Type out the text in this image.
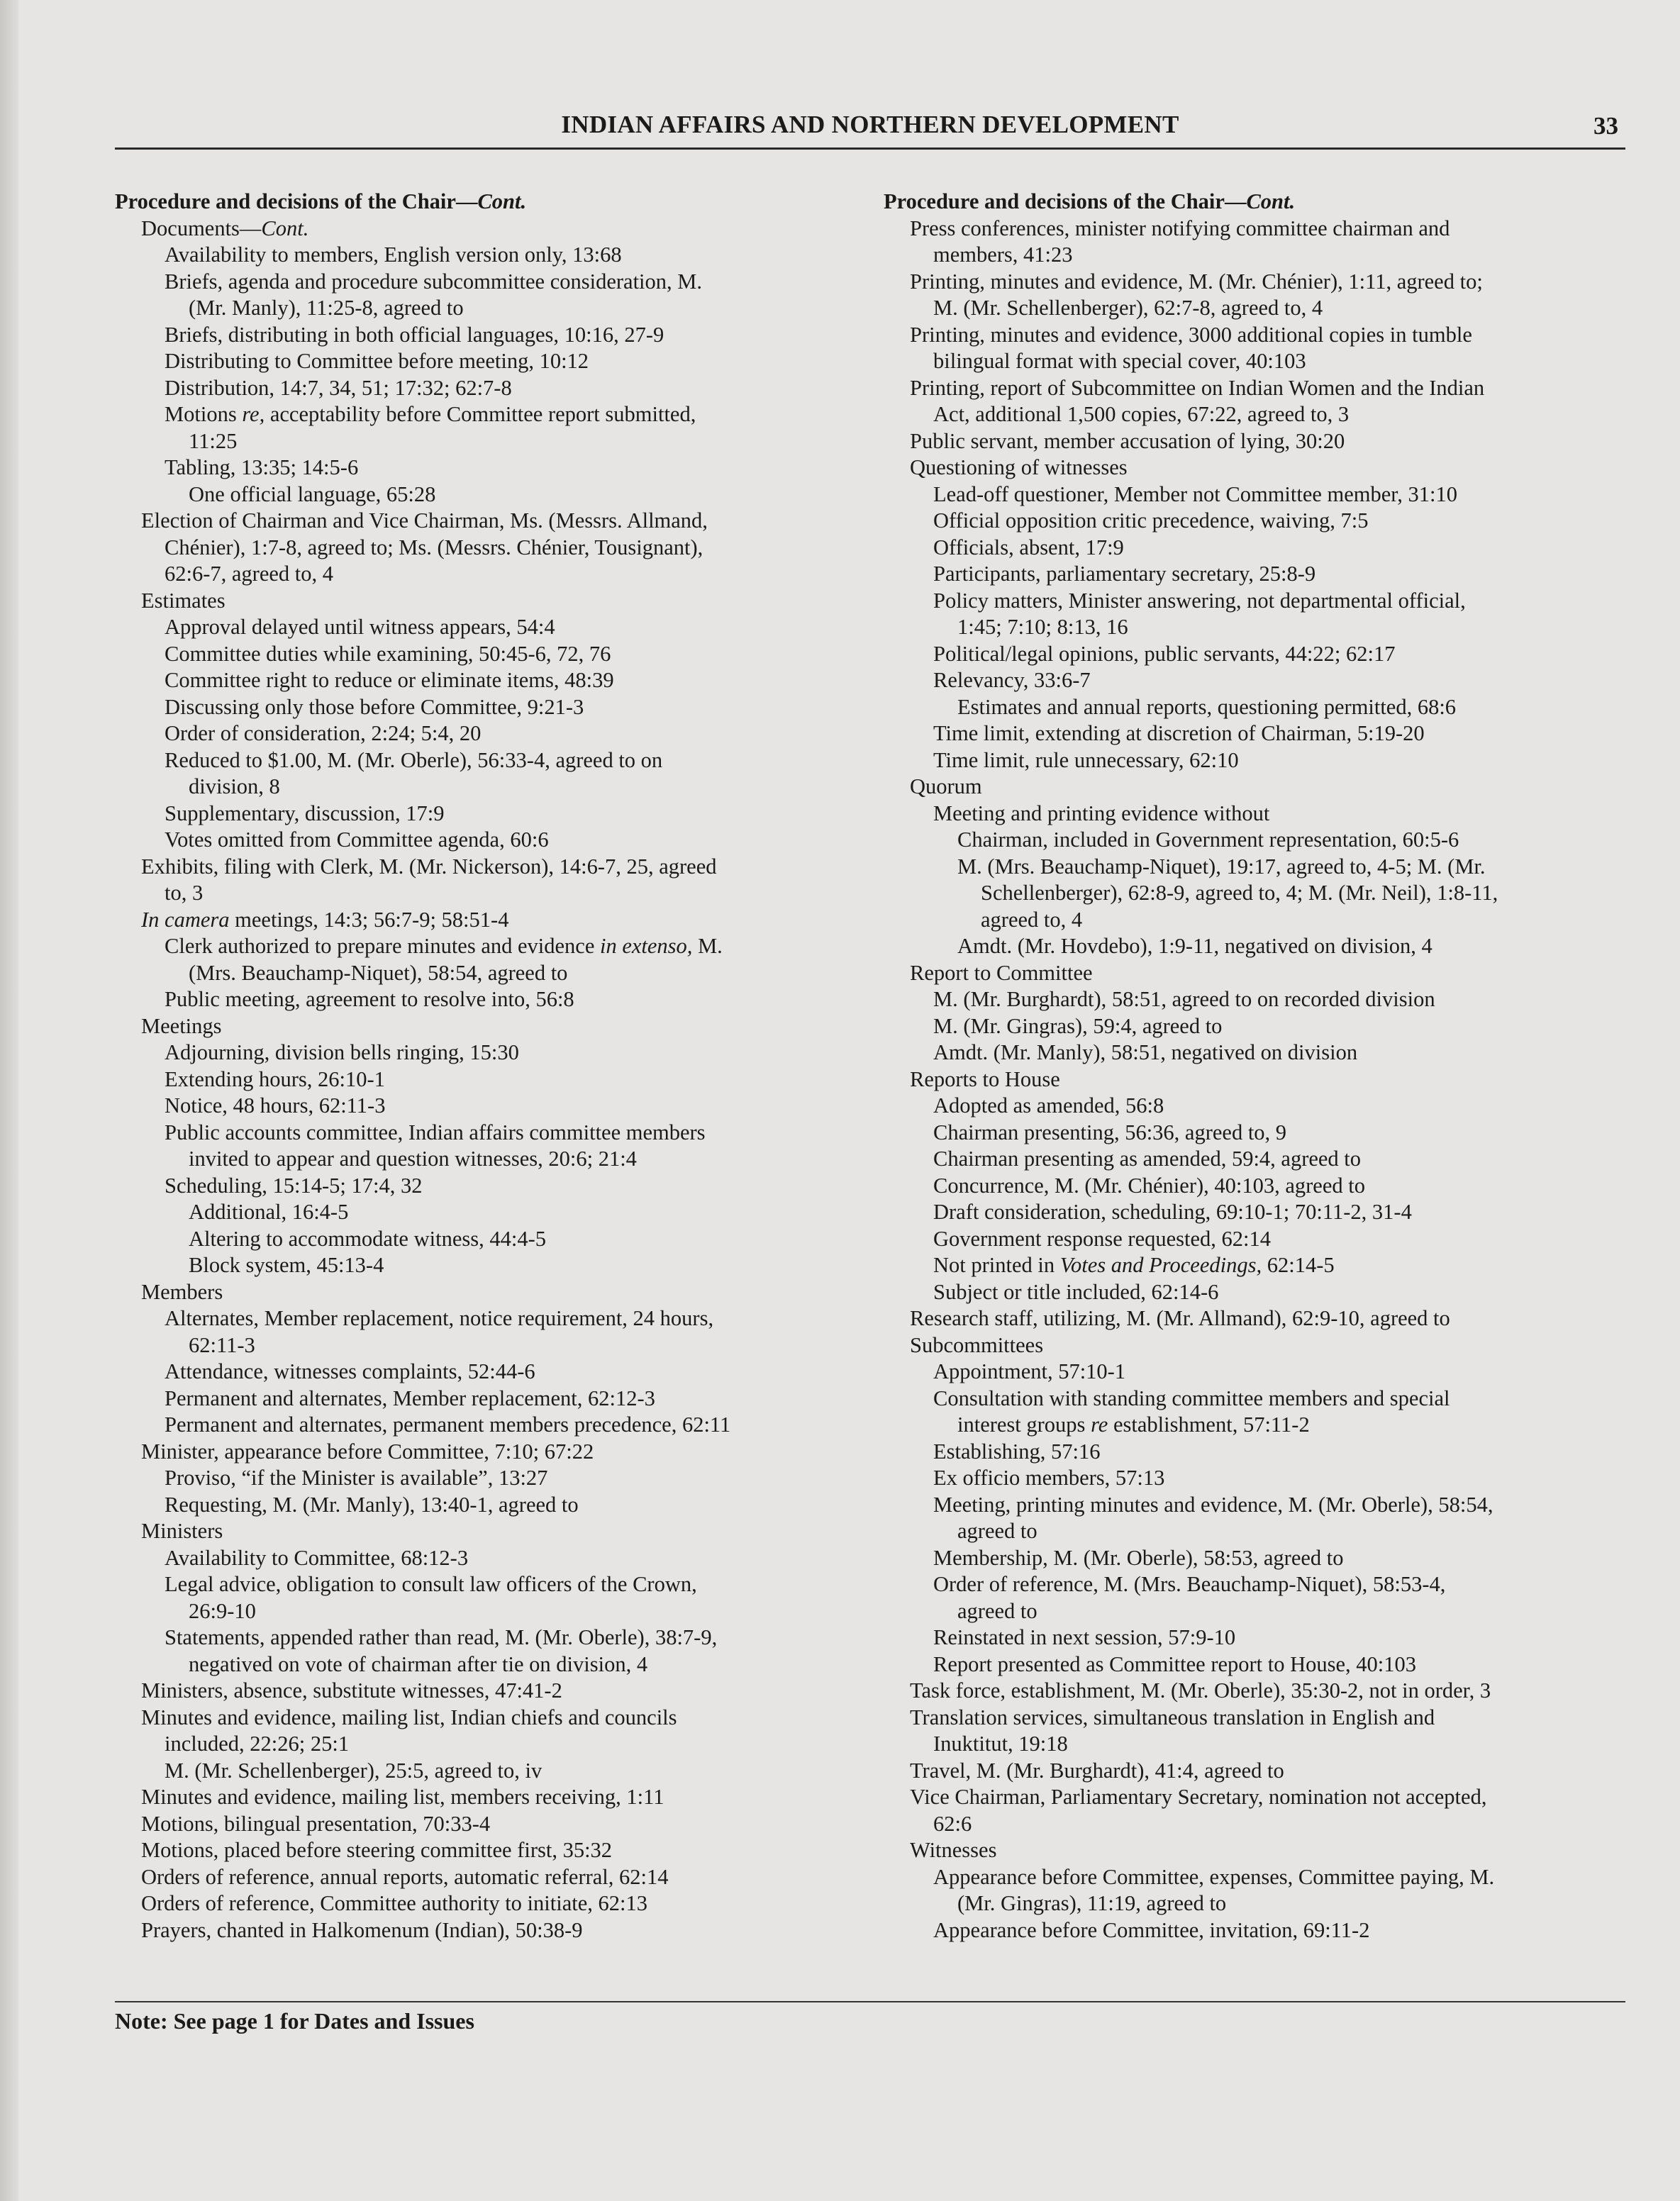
INDIAN AFFAIRS AND NORTHERN DEVELOPMENT	33
Procedure and decisions of the Chair—Cont.
Documents—Cont.
Availability to members, English version only, 13:68
Briefs, agenda and procedure subcommittee consideration, M.
(Mr. Manly), 11:25-8, agreed to
Briefs, distributing in both official languages, 10:16, 27-9
Distributing to Committee before meeting, 10:12
Distribution, 14:7, 34, 51; 17:32; 62:7-8
Motions re, acceptability before Committee report submitted,
11:25
Tabling, 13:35; 14:5-6
One official language, 65:28
Election of Chairman and Vice Chairman, Ms. (Messrs. Allmand,
Chénier), 1:7-8, agreed to; Ms. (Messrs. Chénier, Tousignant),
62:6-7, agreed to, 4
Estimates
Approval delayed until witness appears, 54:4
Committee duties while examining, 50:45-6, 72, 76
Committee right to reduce or eliminate items, 48:39
Discussing only those before Committee, 9:21-3
Order of consideration, 2:24; 5:4, 20
Reduced to $1.00, M. (Mr. Oberle), 56:33-4, agreed to on
division, 8
Supplementary, discussion, 17:9
Votes omitted from Committee agenda, 60:6
Exhibits, filing with Clerk, M. (Mr. Nickerson), 14:6-7, 25, agreed
to, 3
In camera meetings, 14:3; 56:7-9; 58:51-4
Clerk authorized to prepare minutes and evidence in extenso, M.
(Mrs. Beauchamp-Niquet), 58:54, agreed to
Public meeting, agreement to resolve into, 56:8
Meetings
Adjourning, division bells ringing, 15:30
Extending hours, 26:10-1
Notice, 48 hours, 62:11-3
Public accounts committee, Indian affairs committee members
invited to appear and question witnesses, 20:6; 21:4
Scheduling, 15:14-5; 17:4, 32
Additional, 16:4-5
Altering to accommodate witness, 44:4-5
Block system, 45:13-4
Members
Alternates, Member replacement, notice requirement, 24 hours,
62:11-3
Attendance, witnesses complaints, 52:44-6
Permanent and alternates, Member replacement, 62:12-3
Permanent and alternates, permanent members precedence, 62:11
Minister, appearance before Committee, 7:10; 67:22
Proviso, “if the Minister is available”, 13:27
Requesting, M. (Mr. Manly), 13:40-1, agreed to
Ministers
Availability to Committee, 68:12-3
Legal advice, obligation to consult law officers of the Crown,
26:9-10
Statements, appended rather than read, M. (Mr. Oberle), 38:7-9,
negatived on vote of chairman after tie on division, 4
Ministers, absence, substitute witnesses, 47:41-2
Minutes and evidence, mailing list, Indian chiefs and councils
included, 22:26; 25:1
M. (Mr. Schellenberger), 25:5, agreed to, iv
Minutes and evidence, mailing list, members receiving, 1:11
Motions, bilingual presentation, 70:33-4
Motions, placed before steering committee first, 35:32
Orders of reference, annual reports, automatic referral, 62:14
Orders of reference, Committee authority to initiate, 62:13
Prayers, chanted in Halkomenum (Indian), 50:38-9
Procedure and decisions of the Chair—Cont.
Press conferences, minister notifying committee chairman and
members, 41:23
Printing, minutes and evidence, M. (Mr. Chénier), 1:11, agreed to;
M. (Mr. Schellenberger), 62:7-8, agreed to, 4
Printing, minutes and evidence, 3000 additional copies in tumble
bilingual format with special cover, 40:103
Printing, report of Subcommittee on Indian Women and the Indian
Act, additional 1,500 copies, 67:22, agreed to, 3
Public servant, member accusation of lying, 30:20
Questioning of witnesses
Lead-off questioner, Member not Committee member, 31:10
Official opposition critic precedence, waiving, 7:5
Officials, absent, 17:9
Participants, parliamentary secretary, 25:8-9
Policy matters, Minister answering, not departmental official,
1:45; 7:10; 8:13, 16
Political/legal opinions, public servants, 44:22; 62:17
Relevancy, 33:6-7
Estimates and annual reports, questioning permitted, 68:6
Time limit, extending at discretion of Chairman, 5:19-20
Time limit, rule unnecessary, 62:10
Quorum
Meeting and printing evidence without
Chairman, included in Government representation, 60:5-6
M. (Mrs. Beauchamp-Niquet), 19:17, agreed to, 4-5; M. (Mr.
Schellenberger), 62:8-9, agreed to, 4; M. (Mr. Neil), 1:8-11,
agreed to, 4
Amdt. (Mr. Hovdebo), 1:9-11, negatived on division, 4
Report to Committee
M. (Mr. Burghardt), 58:51, agreed to on recorded division
M. (Mr. Gingras), 59:4, agreed to
Amdt. (Mr. Manly), 58:51, negatived on division
Reports to House
Adopted as amended, 56:8
Chairman presenting, 56:36, agreed to, 9
Chairman presenting as amended, 59:4, agreed to
Concurrence, M. (Mr. Chénier), 40:103, agreed to
Draft consideration, scheduling, 69:10-1; 70:11-2, 31-4
Government response requested, 62:14
Not printed in Votes and Proceedings, 62:14-5
Subject or title included, 62:14-6
Research staff, utilizing, M. (Mr. Allmand), 62:9-10, agreed to
Subcommittees
Appointment, 57:10-1
Consultation with standing committee members and special
interest groups re establishment, 57:11-2
Establishing, 57:16
Ex officio members, 57:13
Meeting, printing minutes and evidence, M. (Mr. Oberle), 58:54,
agreed to
Membership, M. (Mr. Oberle), 58:53, agreed to
Order of reference, M. (Mrs. Beauchamp-Niquet), 58:53-4,
agreed to
Reinstated in next session, 57:9-10
Report presented as Committee report to House, 40:103
Task force, establishment, M. (Mr. Oberle), 35:30-2, not in order, 3
Translation services, simultaneous translation in English and
Inuktitut, 19:18
Travel, M. (Mr. Burghardt), 41:4, agreed to
Vice Chairman, Parliamentary Secretary, nomination not accepted,
62:6
Witnesses
Appearance before Committee, expenses, Committee paying, M.
(Mr. Gingras), 11:19, agreed to
Appearance before Committee, invitation, 69:11-2
Note: See page 1 for Dates and Issues
